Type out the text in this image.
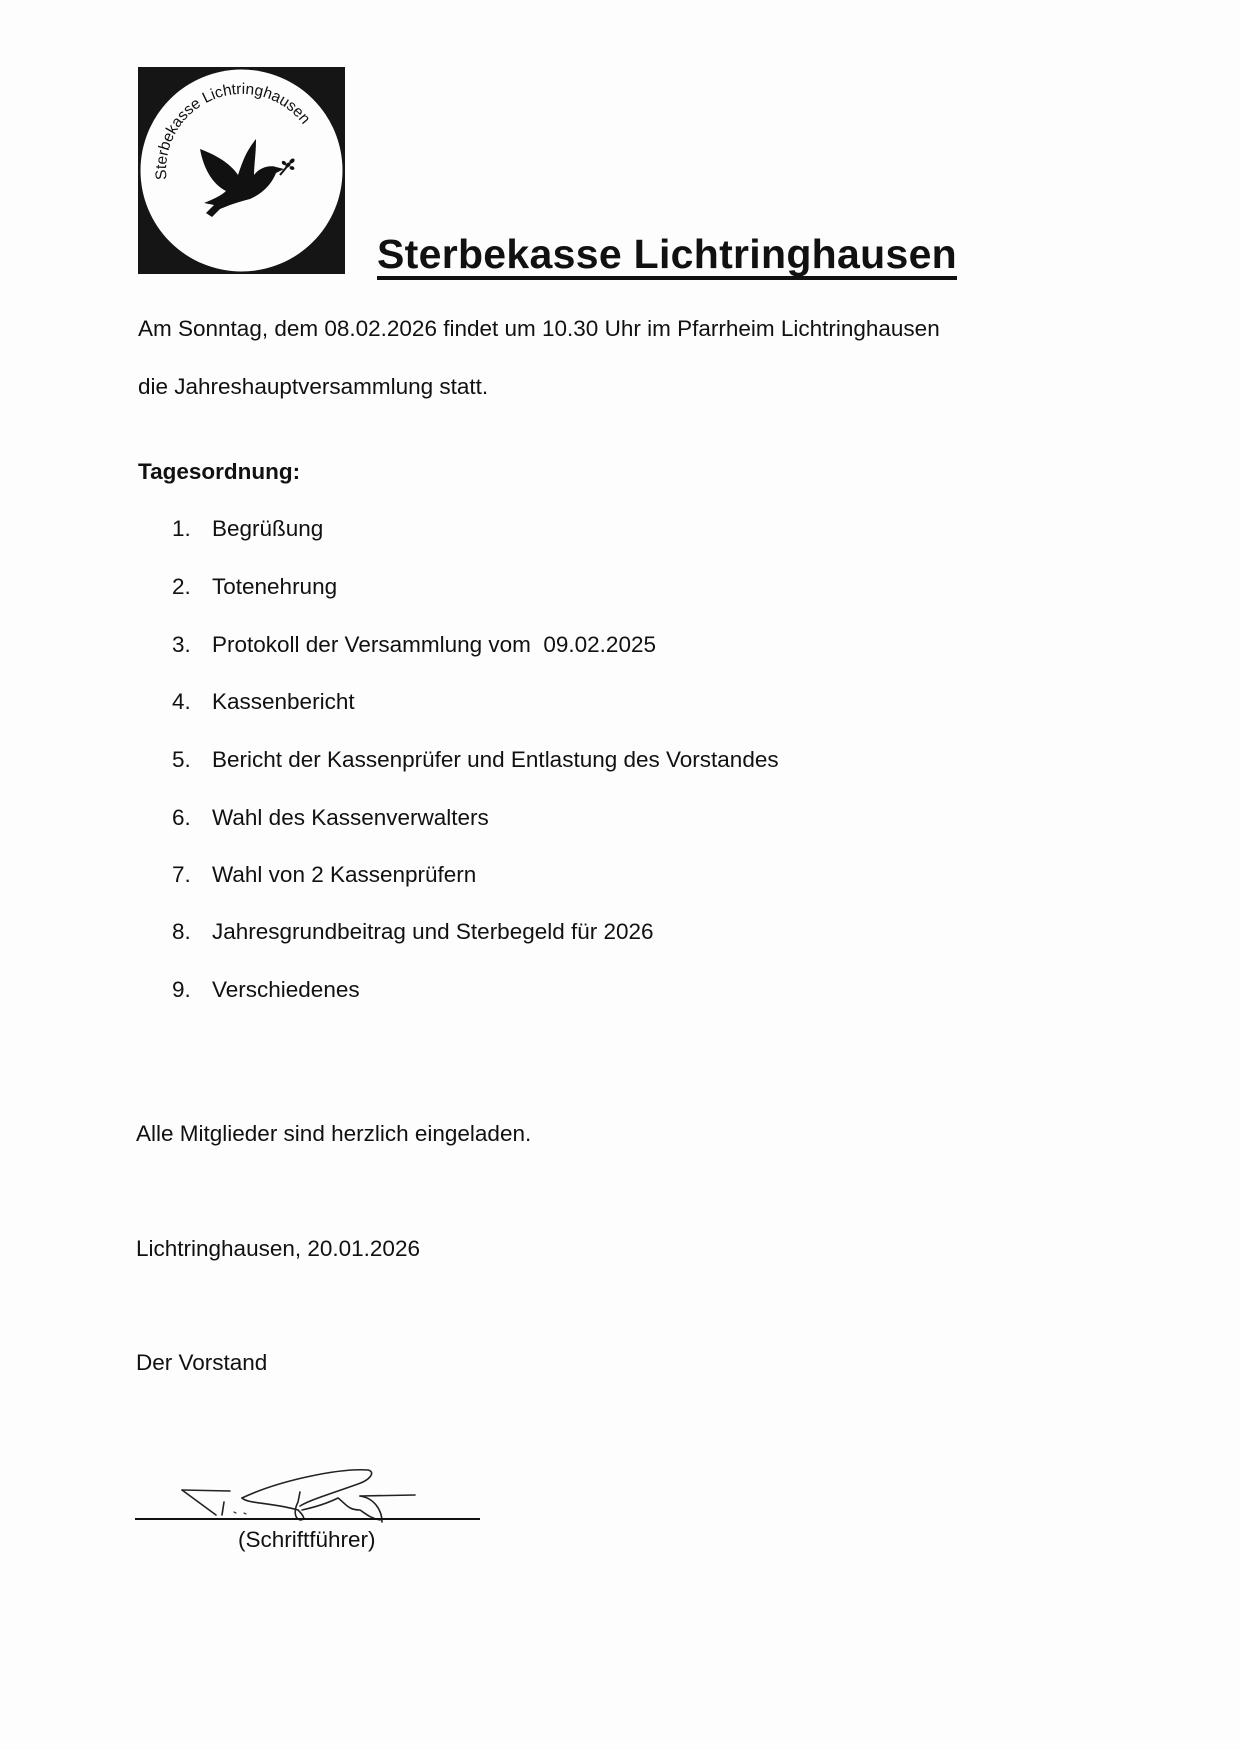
Sterbekasse Lichtringhausen
Sterbekasse Lichtringhausen
Am Sonntag, dem 08.02.2026 findet um 10.30 Uhr im Pfarrheim Lichtringhausen
die Jahreshauptversammlung statt.
Tagesordnung:
1. Begrüßung
2. Totenehrung
3. Protokoll der Versammlung vom  09.02.2025
4. Kassenbericht
5. Bericht der Kassenprüfer und Entlastung des Vorstandes
6. Wahl des Kassenverwalters
7. Wahl von 2 Kassenprüfern
8. Jahresgrundbeitrag und Sterbegeld für 2026
9. Verschiedenes
Alle Mitglieder sind herzlich eingeladen.
Lichtringhausen, 20.01.2026
Der Vorstand
(Schriftführer)
